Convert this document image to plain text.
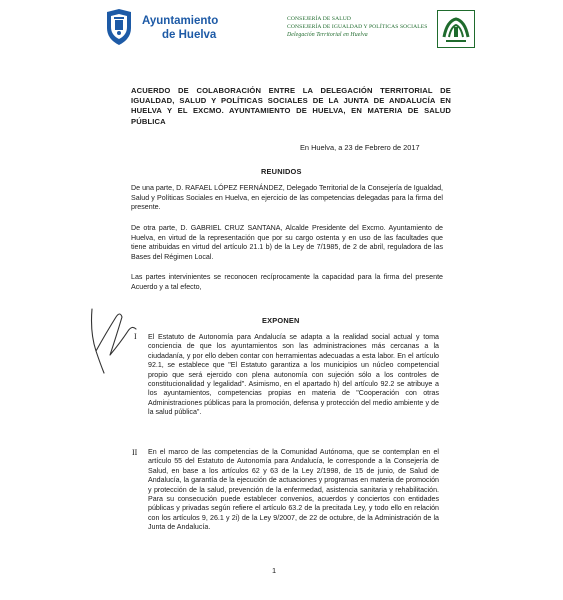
Ayuntamiento
de Huelva
CONSEJERÍA DE SALUD
CONSEJERÍA DE IGUALDAD Y POLÍTICAS SOCIALES
Delegación Territorial en Huelva
ACUERDO DE COLABORACIÓN ENTRE LA DELEGACIÓN TERRITORIAL DE IGUALDAD, SALUD Y POLÍTICAS SOCIALES DE LA JUNTA DE ANDALUCÍA EN HUELVA Y EL EXCMO. AYUNTAMIENTO DE HUELVA, EN MATERIA DE SALUD PÚBLICA
En Huelva, a 23 de Febrero de 2017
REUNIDOS
De una parte, D. RAFAEL LÓPEZ FERNÁNDEZ, Delegado Territorial de la Consejería de Igualdad, Salud y Políticas Sociales en Huelva, en ejercicio de las competencias delegadas para la firma del presente.
De otra parte, D. GABRIEL CRUZ SANTANA, Alcalde Presidente del Excmo. Ayuntamiento de Huelva, en virtud de la representación que por su cargo ostenta y en uso de las facultades que tiene atribuidas en virtud del artículo 21.1 b) de la Ley de 7/1985, de 2 de abril, reguladora de las Bases del Régimen Local.
Las partes intervinientes se reconocen recíprocamente la capacidad para la firma del presente Acuerdo y a tal efecto,
EXPONEN
I El Estatuto de Autonomía para Andalucía se adapta a la realidad social actual y toma conciencia de que los ayuntamientos son las administraciones más cercanas a la ciudadanía, y por ello deben contar con herramientas adecuadas a esta labor. En el artículo 92.1, se establece que "El Estatuto garantiza a los municipios un núcleo competencial propio que será ejercido con plena autonomía con sujeción sólo a los controles de constitucionalidad y legalidad". Asimismo, en el apartado h) del artículo 92.2 se atribuye a los ayuntamientos, competencias propias en materia de "Cooperación con otras Administraciones públicas para la promoción, defensa y protección del medio ambiente y de la salud pública".
II En el marco de las competencias de la Comunidad Autónoma, que se contemplan en el artículo 55 del Estatuto de Autonomía para Andalucía, le corresponde a la Consejería de Salud, en base a los artículos 62 y 63 de la Ley 2/1998, de 15 de junio, de Salud de Andalucía, la garantía de la ejecución de actuaciones y programas en materia de promoción y protección de la salud, prevención de la enfermedad, asistencia sanitaria y rehabilitación. Para su consecución puede establecer convenios, acuerdos y conciertos con entidades públicas y privadas según refiere el artículo 63.2 de la precitada Ley, y todo ello en relación con los artículos 9, 26.1 y 2i) de la Ley 9/2007, de 22 de octubre, de la Administración de la Junta de Andalucía.
1
